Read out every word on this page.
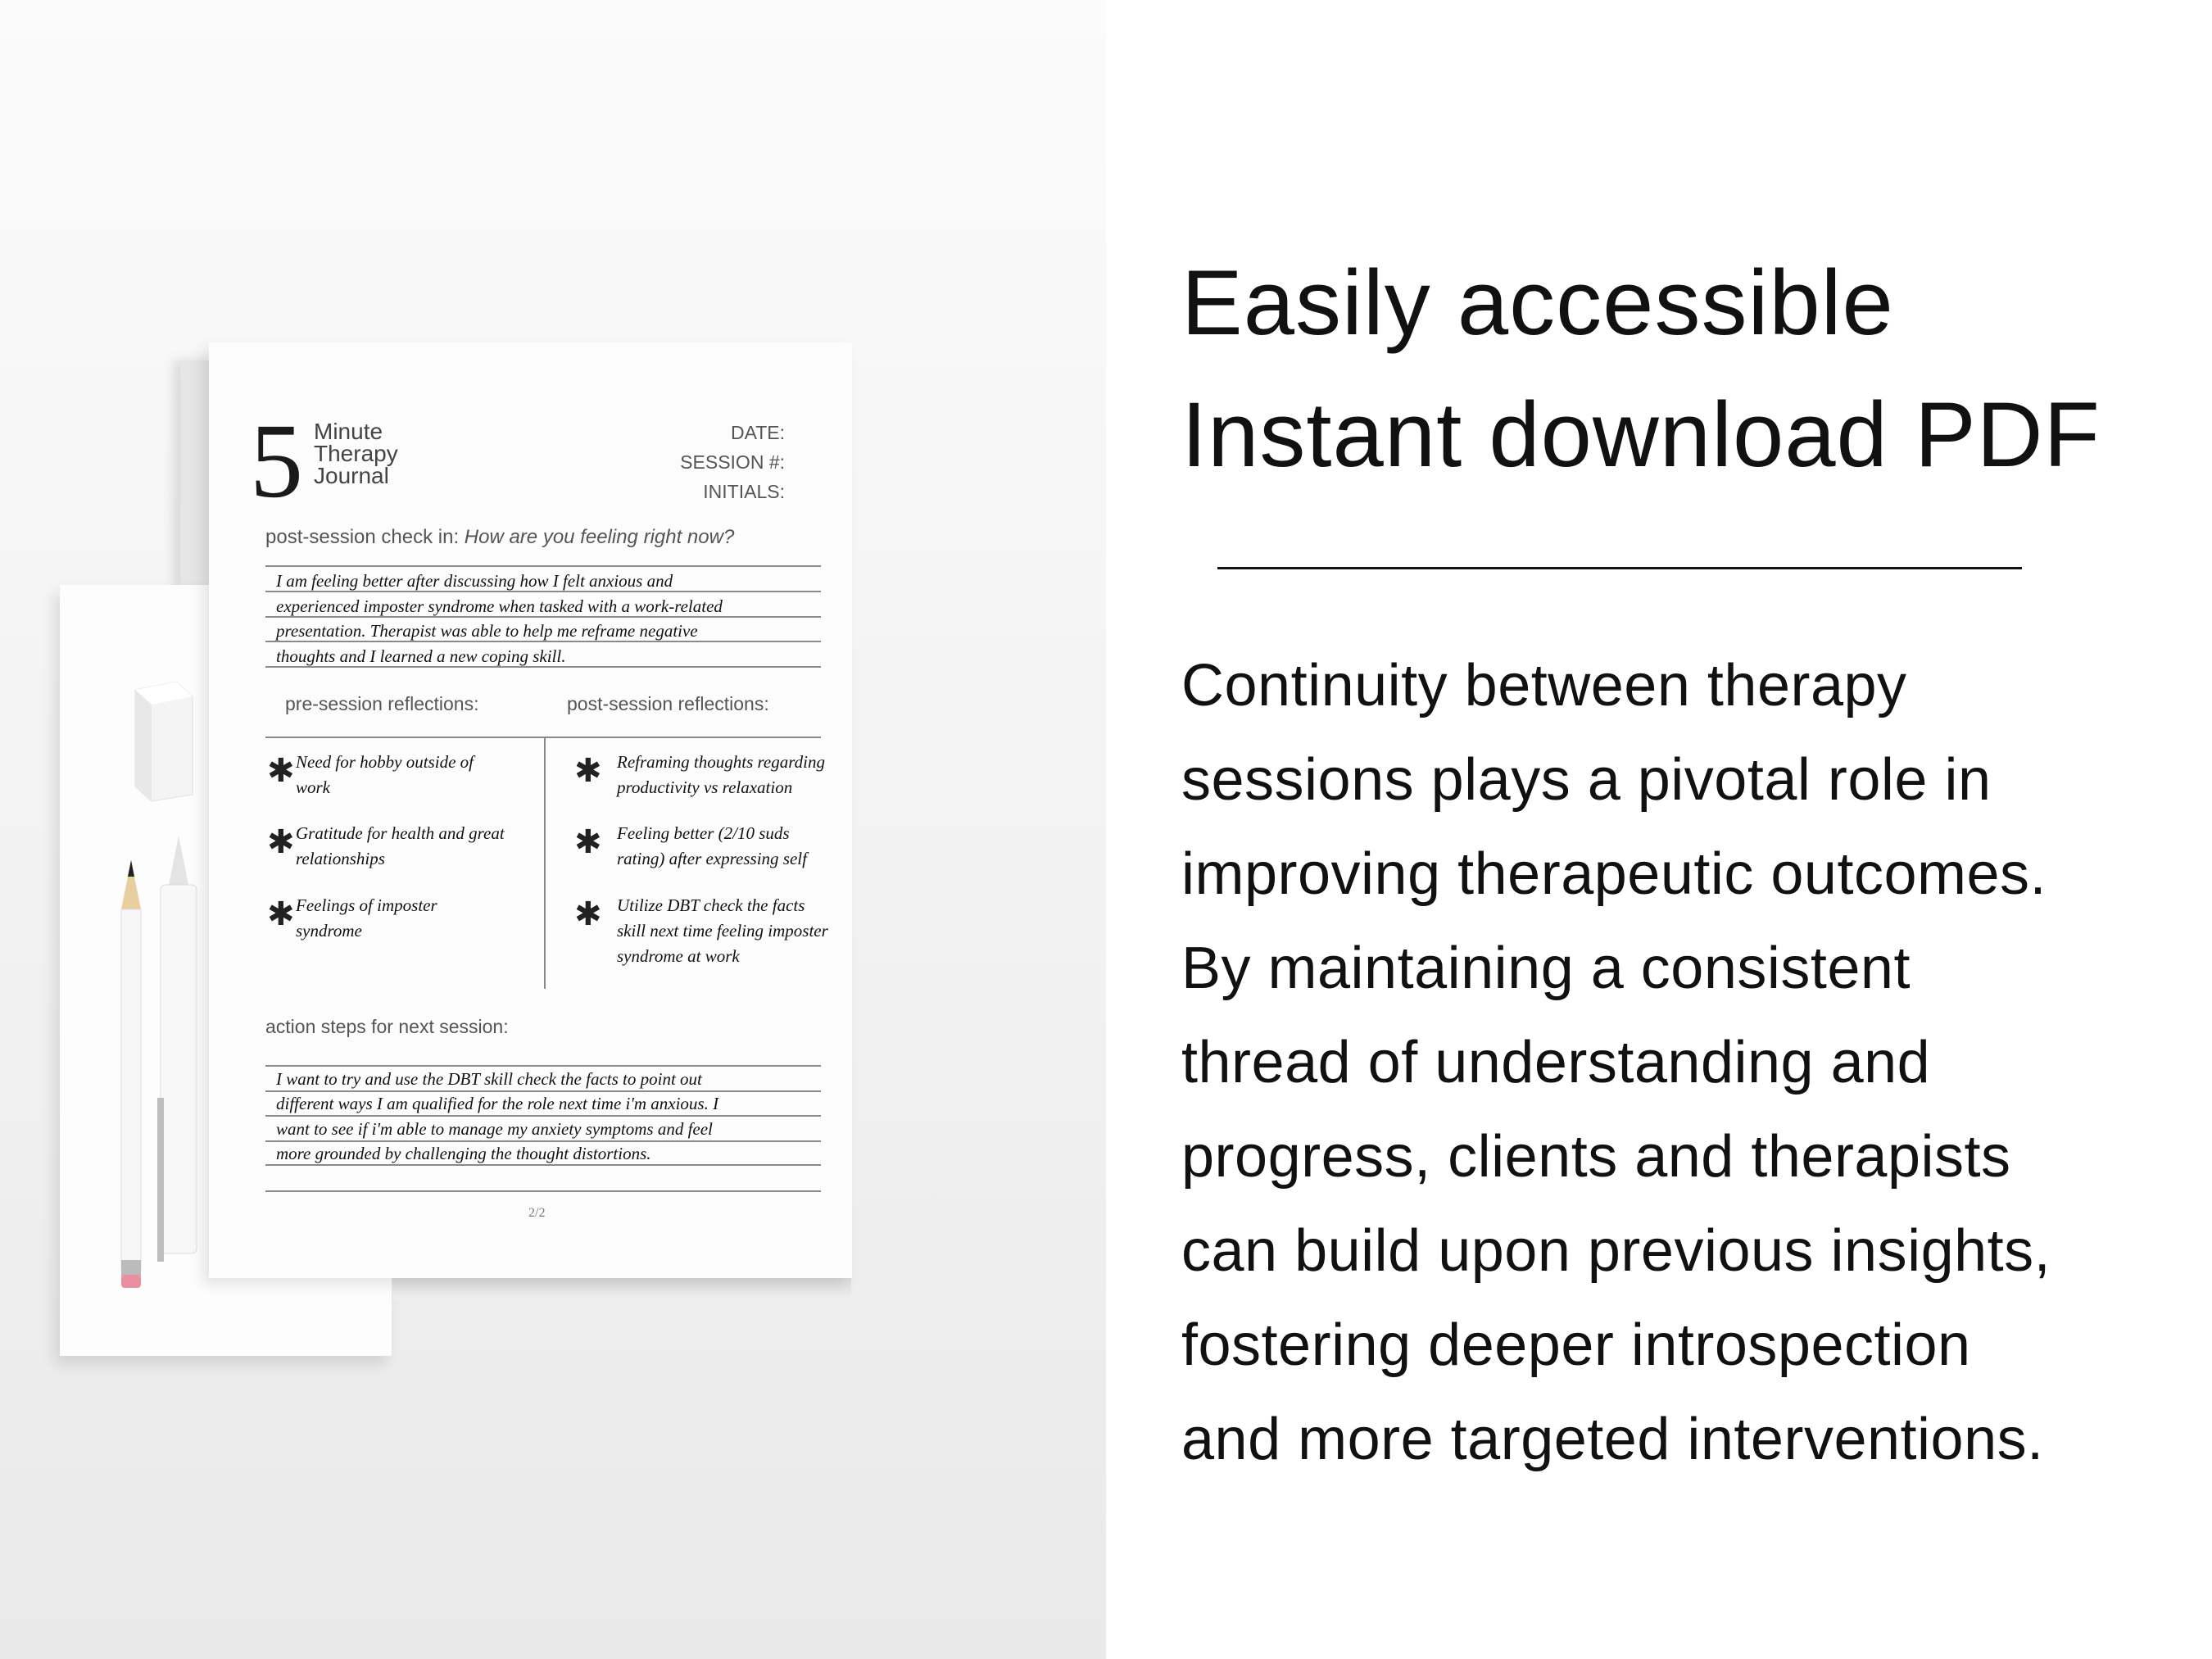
5 Minute
Therapy
Journal
DATE:
SESSION #:
INITIALS:
post-session check in: How are you feeling right now?
I am feeling better after discussing how I felt anxious and
experienced imposter syndrome when tasked with a work-related
presentation. Therapist was able to help me reframe negative
thoughts and I learned a new coping skill.
pre-session reflections:	post-session reflections:
✱ Need for hobby outside of
work
✱ Gratitude for health and great
relationships
✱ Feelings of imposter
syndrome
✱ Reframing thoughts regarding
productivity vs relaxation
✱ Feeling better (2/10 suds
rating) after expressing self
✱ Utilize DBT check the facts
skill next time feeling imposter
syndrome at work
action steps for next session:
I want to try and use the DBT skill check the facts to point out
different ways I am qualified for the role next time i'm anxious. I
want to see if i'm able to manage my anxiety symptoms and feel
more grounded by challenging the thought distortions.
2/2
Easily accessible
Instant download PDF
Continuity between therapy
sessions plays a pivotal role in
improving therapeutic outcomes.
By maintaining a consistent
thread of understanding and
progress, clients and therapists
can build upon previous insights,
fostering deeper introspection
and more targeted interventions.
